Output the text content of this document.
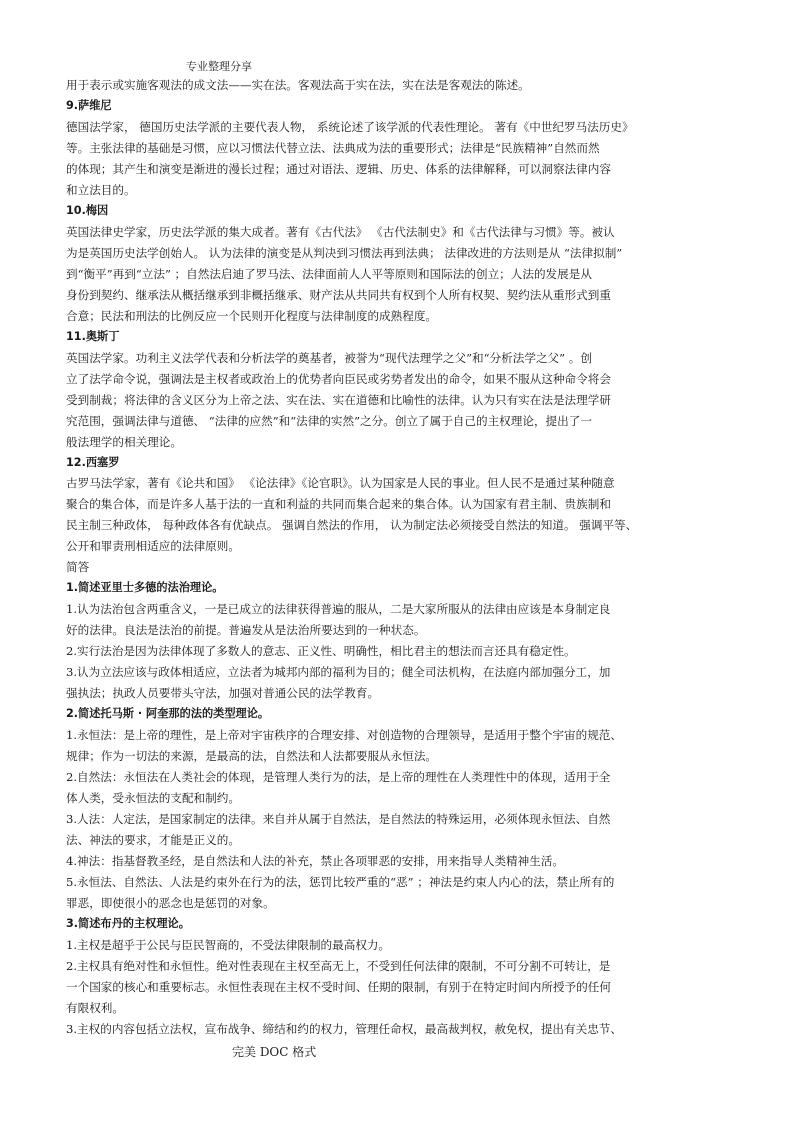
专业整理分享
用于表示或实施客观法的成文法——实在法。客观法高于实在法，实在法是客观法的陈述。
9.萨维尼
德国法学家， 德国历史法学派的主要代表人物， 系统论述了该学派的代表性理论。 著有《中世纪罗马法历史》
等。主张法律的基础是习惯，应以习惯法代替立法、法典成为法的重要形式；法律是“民族精神”自然而然
的体现；其产生和演变是渐进的漫长过程；通过对语法、逻辑、历史、体系的法律解释，可以洞察法律内容
和立法目的。
10.梅因
英国法律史学家，历史法学派的集大成者。著有《古代法》 《古代法制史》和《古代法律与习惯》等。被认
为是英国历史法学创始人。 认为法律的演变是从判决到习惯法再到法典； 法律改进的方法则是从 “法律拟制”
到“衡平”再到“立法” ；自然法启迪了罗马法、法律面前人人平等原则和国际法的创立；人法的发展是从
身份到契约、继承法从概括继承到非概括继承、财产法从共同共有权到个人所有权契、契约法从重形式到重
合意；民法和刑法的比例反应一个民则开化程度与法律制度的成熟程度。
11.奥斯丁
英国法学家。功利主义法学代表和分析法学的奠基者，被誉为“现代法理学之父”和“分析法学之父” 。创
立了法学命令说，强调法是主权者或政治上的优势者向臣民或劣势者发出的命令，如果不服从这种命令将会
受到制裁；将法律的含义区分为上帝之法、实在法、实在道德和比喻性的法律。认为只有实在法是法理学研
究范围，强调法律与道德、 “法律的应然”和“法律的实然”之分。创立了属于自己的主权理论，提出了一
般法理学的相关理论。
12.西塞罗
古罗马法学家，著有《论共和国》 《论法律》《论官职》。认为国家是人民的事业。但人民不是通过某种随意
聚合的集合体，而是许多人基于法的一直和利益的共同而集合起来的集合体。认为国家有君主制、贵族制和
民主制三种政体， 每种政体各有优缺点。 强调自然法的作用， 认为制定法必须接受自然法的知道。 强调平等、
公开和罪责刑相适应的法律原则。
简答
1.简述亚里士多德的法治理论。
1.认为法治包含两重含义，一是已成立的法律获得普遍的服从，二是大家所服从的法律由应该是本身制定良
好的法律。良法是法治的前提。普遍发从是法治所要达到的一种状态。
2.实行法治是因为法律体现了多数人的意志、正义性、明确性，相比君主的想法而言还具有稳定性。
3.认为立法应该与政体相适应，立法者为城邦内部的福利为目的；健全司法机构，在法庭内部加强分工，加
强执法；执政人员要带头守法，加强对普通公民的法学教育。
2.简述托马斯 · 阿奎那的法的类型理论。
1.永恒法：是上帝的理性，是上帝对宇宙秩序的合理安排、对创造物的合理领导，是适用于整个宇宙的规范、
规律；作为一切法的来源，是最高的法，自然法和人法都要服从永恒法。
2.自然法：永恒法在人类社会的体现，是管理人类行为的法，是上帝的理性在人类理性中的体现，适用于全
体人类，受永恒法的支配和制约。
3.人法：人定法，是国家制定的法律。来自并从属于自然法，是自然法的特殊运用，必须体现永恒法、自然
法、神法的要求，才能是正义的。
4.神法：指基督教圣经，是自然法和人法的补充，禁止各项罪恶的安排，用来指导人类精神生活。
5.永恒法、自然法、人法是约束外在行为的法，惩罚比较严重的“恶” ；神法是约束人内心的法，禁止所有的
罪恶，即使很小的恶念也是惩罚的对象。
3.简述布丹的主权理论。
1.主权是超乎于公民与臣民智商的，不受法律限制的最高权力。
2.主权具有绝对性和永恒性。绝对性表现在主权至高无上，不受到任何法律的限制，不可分割不可转让，是
一个国家的核心和重要标志。永恒性表现在主权不受时间、任期的限制，有别于在特定时间内所授予的任何
有限权利。
3.主权的内容包括立法权，宣布战争、缔结和约的权力，管理任命权，最高裁判权，赦免权，提出有关忠节、
完美 DOC 格式
